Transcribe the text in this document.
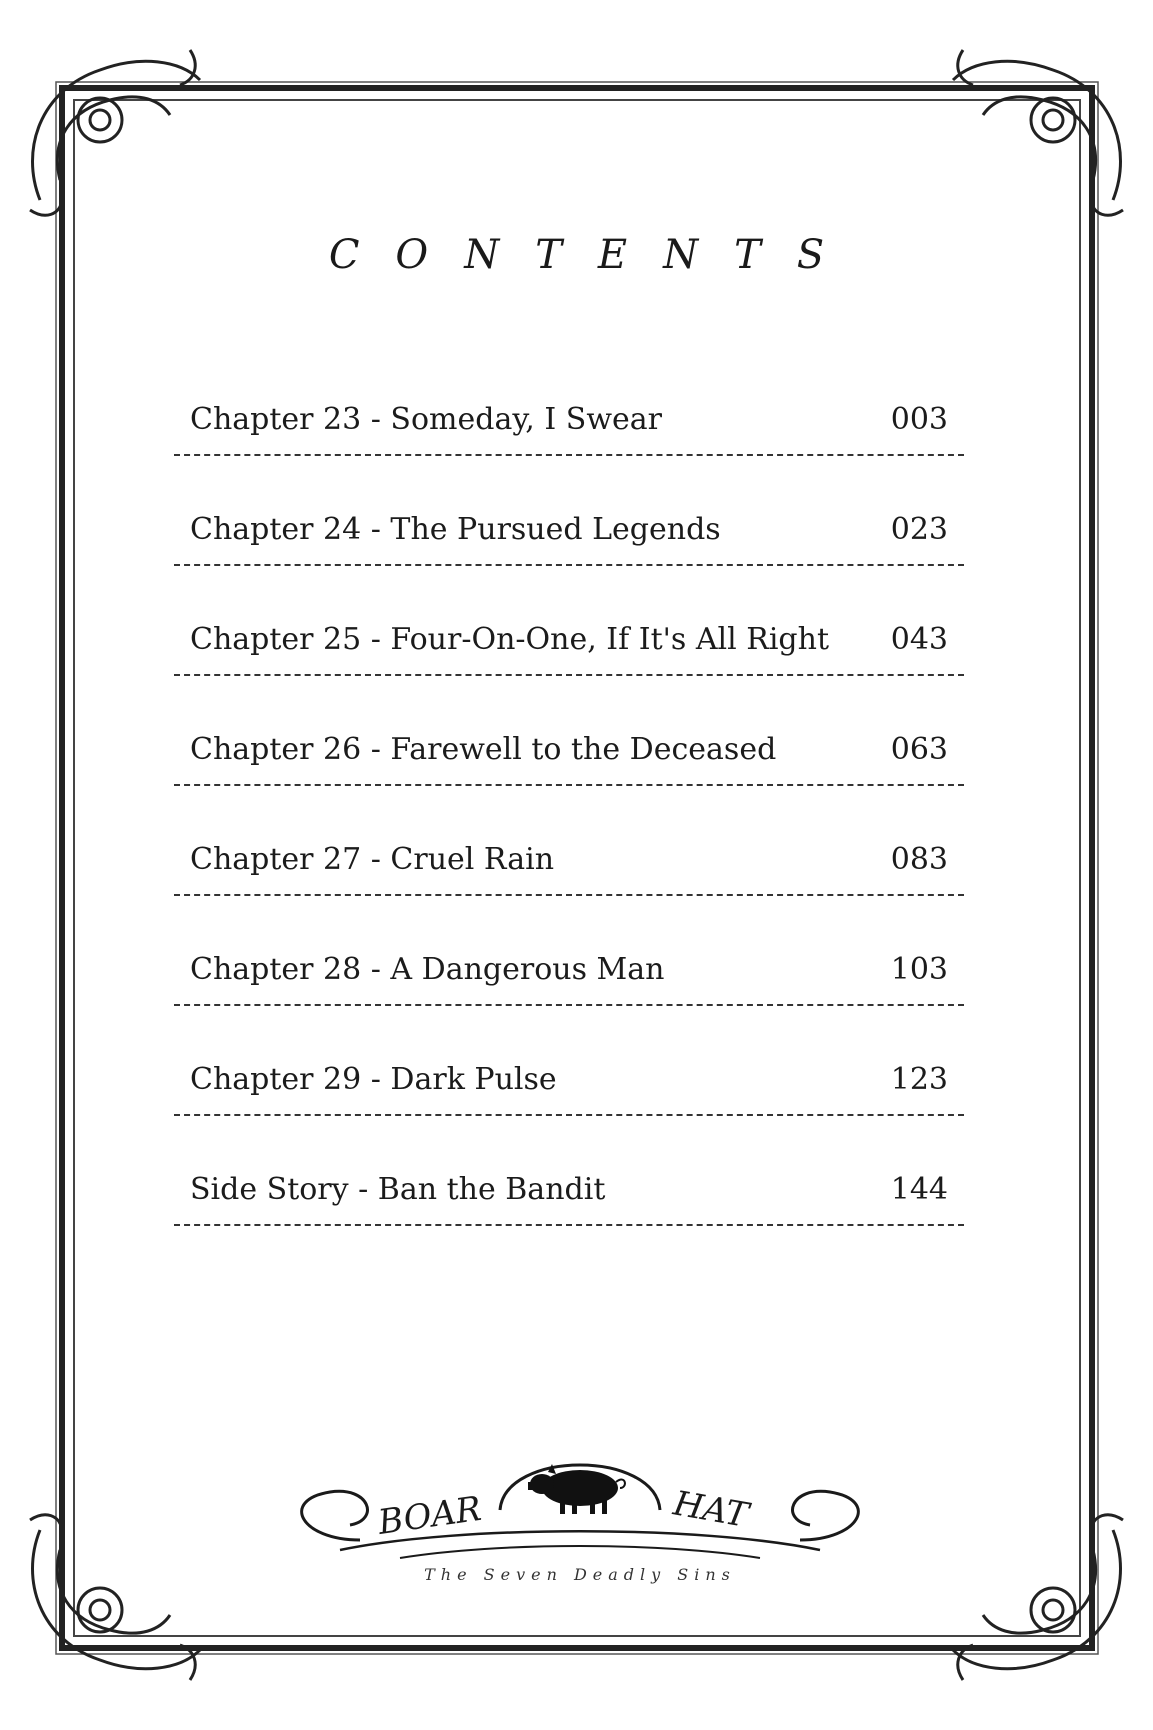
CONTENTS
Chapter 23 - Someday, I Swear	003
Chapter 24 - The Pursued Legends	023
Chapter 25 - Four-On-One, If It's All Right 043
Chapter 26 - Farewell to the Deceased	063
Chapter 27 - Cruel Rain	083
Chapter 28 - A Dangerous Man	103
Chapter 29 - Dark Pulse	123
Side Story - Ban the Bandit	144
BOAR	HAT
The Seven Deadly Sins
